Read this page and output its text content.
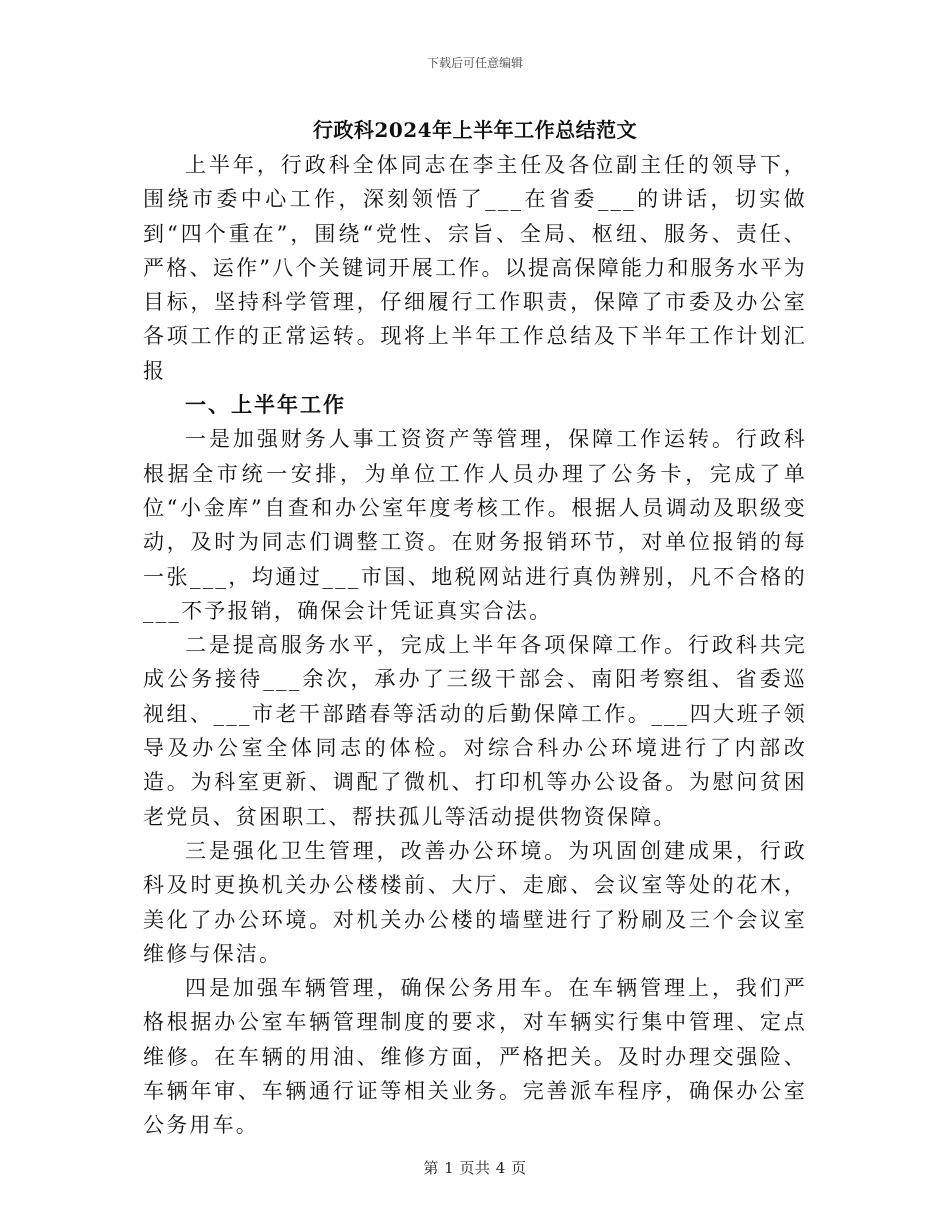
下载后可任意编辑
行政科2024年上半年工作总结范文

上半年，行政科全体同志在李主任及各位副主任的领导下，围绕市委中心工作，深刻领悟了___在省委___的讲话，切实做到“四个重在”，围绕“党性、宗旨、全局、枢纽、服务、责任、严格、运作”八个关键词开展工作。以提高保障能力和服务水平为目标，坚持科学管理，仔细履行工作职责，保障了市委及办公室各项工作的正常运转。现将上半年工作总结及下半年工作计划汇报

一、上半年工作

一是加强财务人事工资资产等管理，保障工作运转。行政科根据全市统一安排，为单位工作人员办理了公务卡，完成了单位“小金库”自查和办公室年度考核工作。根据人员调动及职级变动，及时为同志们调整工资。在财务报销环节，对单位报销的每一张___，均通过___市国、地税网站进行真伪辨别，凡不合格的___不予报销，确保会计凭证真实合法。

二是提高服务水平，完成上半年各项保障工作。行政科共完成公务接待___余次，承办了三级干部会、南阳考察组、省委巡视组、___市老干部踏春等活动的后勤保障工作。___四大班子领导及办公室全体同志的体检。对综合科办公环境进行了内部改造。为科室更新、调配了微机、打印机等办公设备。为慰问贫困老党员、贫困职工、帮扶孤儿等活动提供物资保障。

三是强化卫生管理，改善办公环境。为巩固创建成果，行政科及时更换机关办公楼楼前、大厅、走廊、会议室等处的花木，美化了办公环境。对机关办公楼的墙壁进行了粉刷及三个会议室维修与保洁。

四是加强车辆管理，确保公务用车。在车辆管理上，我们严格根据办公室车辆管理制度的要求，对车辆实行集中管理、定点维修。在车辆的用油、维修方面，严格把关。及时办理交强险、车辆年审、车辆通行证等相关业务。完善派车程序，确保办公室公务用车。

第 1 页共 4 页
